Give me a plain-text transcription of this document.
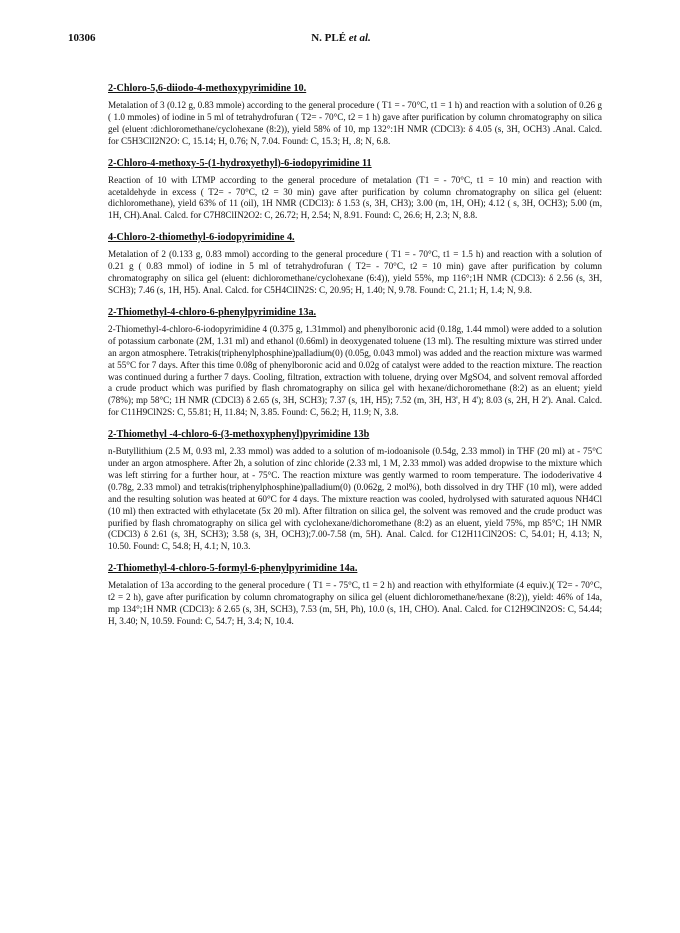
10306	N. PLÉ et al.
2-Chloro-5,6-diiodo-4-methoxypyrimidine 10.

Metalation of 3 (0.12 g, 0.83 mmole) according to the general procedure ( T1 = - 70°C, t1 = 1 h) and reaction with a solution of 0.26 g ( 1.0 mmoles) of iodine in 5 ml of tetrahydrofuran ( T2= - 70°C, t2 = 1 h) gave after purification by column chromatography on silica gel (eluent :dichloromethane/cyclohexane (8:2)), yield 58% of 10, mp 132°:1H NMR (CDCl3): δ 4.05 (s, 3H, OCH3) .Anal. Calcd. for C5H3ClI2N2O: C, 15.14; H, 0.76; N, 7.04. Found: C, 15.3; H, .8; N, 6.8.

2-Chloro-4-methoxy-5-(1-hydroxyethyl)-6-iodopyrimidine 11

Reaction of 10 with LTMP according to the general procedure of metalation (T1 = - 70°C, t1 = 10 min) and reaction with acetaldehyde in excess ( T2= - 70°C, t2 = 30 min) gave after purification by column chromatography on silica gel (eluent: dichloromethane), yield 63% of 11 (oil), 1H NMR (CDCl3): δ 1.53 (s, 3H, CH3); 3.00 (m, 1H, OH); 4.12 ( s, 3H, OCH3); 5.00 (m, 1H, CH).Anal. Calcd. for C7H8ClIN2O2: C, 26.72; H, 2.54; N, 8.91. Found: C, 26.6; H, 2.3; N, 8.8.

4-Chloro-2-thiomethyl-6-iodopyrimidine 4.

Metalation of 2 (0.133 g, 0.83 mmol) according to the general procedure ( T1 = - 70°C, t1 = 1.5 h) and reaction with a solution of 0.21 g ( 0.83 mmol) of iodine in 5 ml of tetrahydrofuran ( T2= - 70°C, t2 = 10 min) gave after purification by column chromatography on silica gel (eluent: dichloromethane/cyclohexane (6:4)), yield 55%, mp 116°;1H NMR (CDCl3): δ 2.56 (s, 3H, SCH3); 7.46 (s, 1H, H5). Anal. Calcd. for C5H4ClIN2S: C, 20.95; H, 1.40; N, 9.78. Found: C, 21.1; H, 1.4; N, 9.8.

2-Thiomethyl-4-chloro-6-phenylpyrimidine 13a.

2-Thiomethyl-4-chloro-6-iodopyrimidine 4 (0.375 g, 1.31mmol) and phenylboronic acid (0.18g, 1.44 mmol) were added to a solution of potassium carbonate (2M, 1.31 ml) and ethanol (0.66ml) in deoxygenated toluene (13 ml). The resulting mixture was stirred under an argon atmosphere. Tetrakis(triphenylphosphine)palladium(0) (0.05g, 0.043 mmol) was added and the reaction mixture was warmed at 55°C for 7 days. After this time 0.08g of phenylboronic acid and 0.02g of catalyst were added to the reaction mixture. The reaction was continued during a further 7 days. Cooling, filtration, extraction with toluene, drying over MgSO4, and solvent removal afforded a crude product which was purified by flash chromatography on silica gel with hexane/dichoromethane (8:2) as an eluent; yield (78%); mp 58°C; 1H NMR (CDCl3) δ 2.65 (s, 3H, SCH3); 7.37 (s, 1H, H5); 7.52 (m, 3H, H3', H 4'); 8.03 (s, 2H, H 2'). Anal. Calcd. for C11H9ClN2S: C, 55.81; H, 11.84; N, 3.85. Found: C, 56.2; H, 11.9; N, 3.8.

2-Thiomethyl -4-chloro-6-(3-methoxyphenyl)pyrimidine 13b

n-Butyllithium (2.5 M, 0.93 ml, 2.33 mmol) was added to a solution of m-iodoanisole (0.54g, 2.33 mmol) in THF (20 ml) at - 75°C under an argon atmosphere. After 2h, a solution of zinc chloride (2.33 ml, 1 M, 2.33 mmol) was added dropwise to the mixture which was left stirring for a further hour, at - 75°C. The reaction mixture was gently warmed to room temperature. The iododerivative 4 (0.78g, 2.33 mmol) and tetrakis(triphenylphosphine)palladium(0) (0.062g, 2 mol%), both dissolved in dry THF (10 ml), were added and the resulting solution was heated at 60°C for 4 days. The mixture reaction was cooled, hydrolysed with saturated aquous NH4Cl (10 ml) then extracted with ethylacetate (5x 20 ml). After filtration on silica gel, the solvent was removed and the crude product was purified by flash chromatography on silica gel with cyclohexane/dichoromethane (8:2) as an eluent, yield 75%, mp 85°C; 1H NMR (CDCl3) δ 2.61 (s, 3H, SCH3); 3.58 (s, 3H, OCH3);7.00-7.58 (m, 5H). Anal. Calcd. for C12H11ClN2OS: C, 54.01; H, 4.13; N, 10.50. Found: C, 54.8; H, 4.1; N, 10.3.

2-Thiomethyl-4-chloro-5-formyl-6-phenylpyrimidine 14a.

Metalation of 13a according to the general procedure ( T1 = - 75°C, t1 = 2 h) and reaction with ethylformiate (4 equiv.)( T2= - 70°C, t2 = 2 h), gave after purification by column chromatography on silica gel (eluent dichloromethane/hexane (8:2)), yield: 46% of 14a, mp 134°;1H NMR (CDCl3): δ 2.65 (s, 3H, SCH3), 7.53 (m, 5H, Ph), 10.0 (s, 1H, CHO). Anal. Calcd. for C12H9ClN2OS: C, 54.44; H, 3.40; N, 10.59. Found: C, 54.7; H, 3.4; N, 10.4.
